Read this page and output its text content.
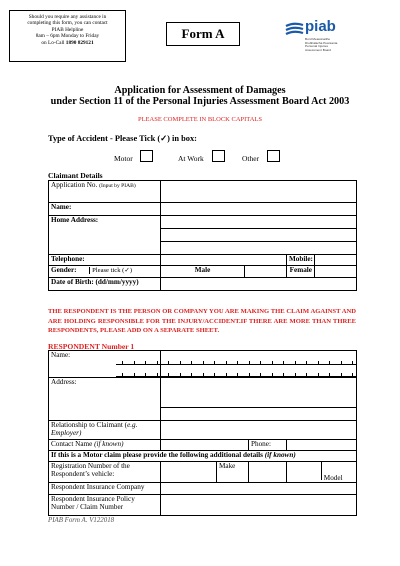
Should you require any assistance in
completing this form, you can contact
PIAB Helpline
8am – 6pm Monday to Friday
on Lo-Call 1890 829121
Form A	piab
Bord Measúnaithe
Díobhálacha Pearsanta
Personal Injuries
Assessment Board
Application for Assessment of Damages
under Section 11 of the Personal Injuries Assessment Board Act 2003
PLEASE COMPLETE IN BLOCK CAPITALS
Type of Accident - Please Tick (✓) in box:
Motor	At Work	Other
Claimant Details
Application No. (Input by PIAB)				
Name:				
Home Address:				

Telephone:			Mobile:	
Gender: Please tick (✓)	Male		Female	
Date of Birth: (dd/mm/yyyy)				
THE RESPONDENT IS THE PERSON OR COMPANY YOU ARE MAKING THE CLAIM AGAINST AND ARE HOLDING RESPONSIBLE FOR THE INJURY/ACCIDENT.IF THERE ARE MORE THAN THREE RESPONDENTS, PLEASE ADD ON A SEPARATE SHEET.
RESPONDENT Number 1
Name:				
Address:				

Relationship to Claimant (e.g. Employer)				
Contact Name (if known)			Phone:	
If this is a Motor claim please provide the following additional details (if known)				

Registration Number of the
Respondent’s vehicle:		Make		Model
Respondent Insurance Company				

Respondent Insurance Policy
Number / Claim Number				

PIAB Form A. V122018
